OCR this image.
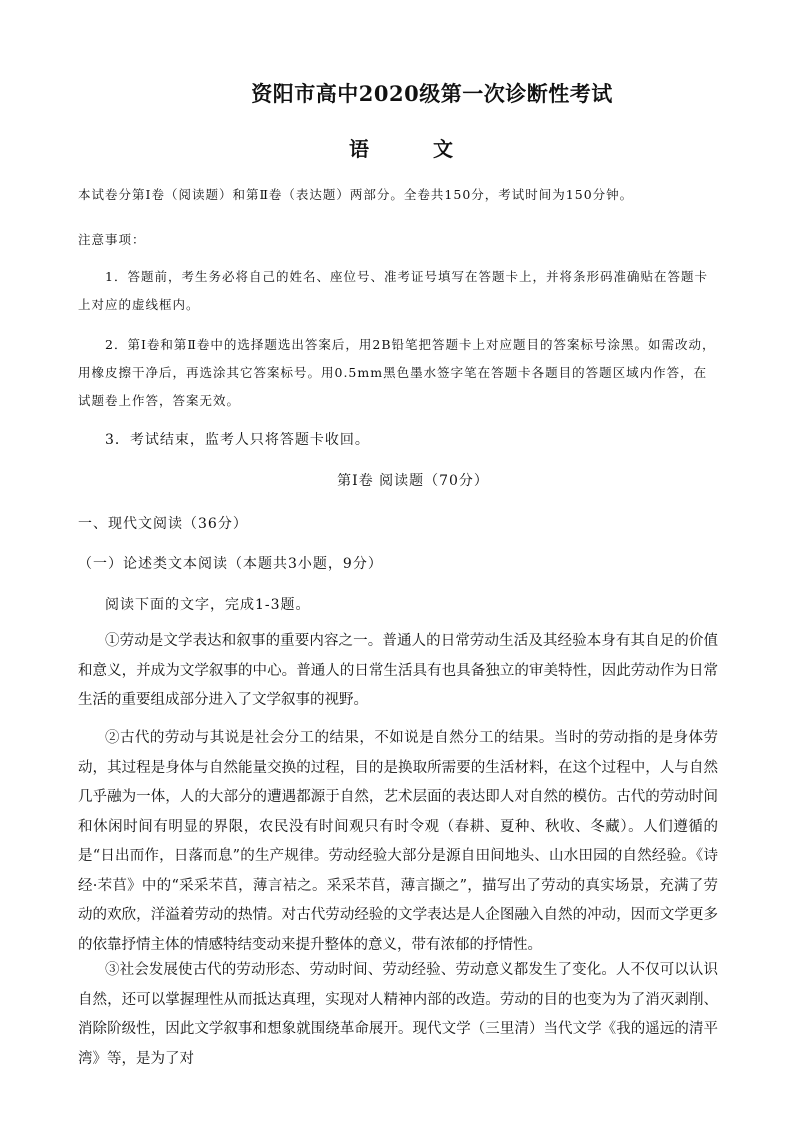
资阳市高中2020级第一次诊断性考试
语　文
本试卷分第Ⅰ卷（阅读题）和第Ⅱ卷（表达题）两部分。全卷共150分，考试时间为150分钟。
注意事项：
1．答题前，考生务必将自己的姓名、座位号、准考证号填写在答题卡上，并将条形码准确贴在答题卡上对应的虚线框内。
2．第Ⅰ卷和第Ⅱ卷中的选择题选出答案后，用2B铅笔把答题卡上对应题目的答案标号涂黑。如需改动，用橡皮擦干净后，再选涂其它答案标号。用0.5mm黑色墨水签字笔在答题卡各题目的答题区域内作答，在试题卷上作答，答案无效。
3．考试结束，监考人只将答题卡收回。
第Ⅰ卷 阅读题（70分）
一、现代文阅读（36分）
（一）论述类文本阅读（本题共3小题，9分）
阅读下面的文字，完成1-3题。
①劳动是文学表达和叙事的重要内容之一。普通人的日常劳动生活及其经验本身有其自足的价值和意义，并成为文学叙事的中心。普通人的日常生活具有也具备独立的审美特性，因此劳动作为日常生活的重要组成部分进入了文学叙事的视野。
②古代的劳动与其说是社会分工的结果，不如说是自然分工的结果。当时的劳动指的是身体劳动，其过程是身体与自然能量交换的过程，目的是换取所需要的生活材料，在这个过程中，人与自然几乎融为一体，人的大部分的遭遇都源于自然，艺术层面的表达即人对自然的模仿。古代的劳动时间和休闲时间有明显的界限，农民没有时间观只有时令观（春耕、夏种、秋收、冬藏）。人们遵循的是“日出而作，日落而息”的生产规律。劳动经验大部分是源自田间地头、山水田园的自然经验。《诗经·芣苢》中的“采采芣苢，薄言袺之。采采芣苢，薄言撷之”，描写出了劳动的真实场景，充满了劳动的欢欣，洋溢着劳动的热情。对古代劳动经验的文学表达是人企图融入自然的冲动，因而文学更多的依靠抒情主体的情感特结变动来提升整体的意义，带有浓郁的抒情性。
③社会发展使古代的劳动形态、劳动时间、劳动经验、劳动意义都发生了变化。人不仅可以认识自然，还可以掌握理性从而抵达真理，实现对人精神内部的改造。劳动的目的也变为为了消灭剥削、消除阶级性，因此文学叙事和想象就围绕革命展开。现代文学（三里清）当代文学《我的遥远的清平湾》等，是为了对
